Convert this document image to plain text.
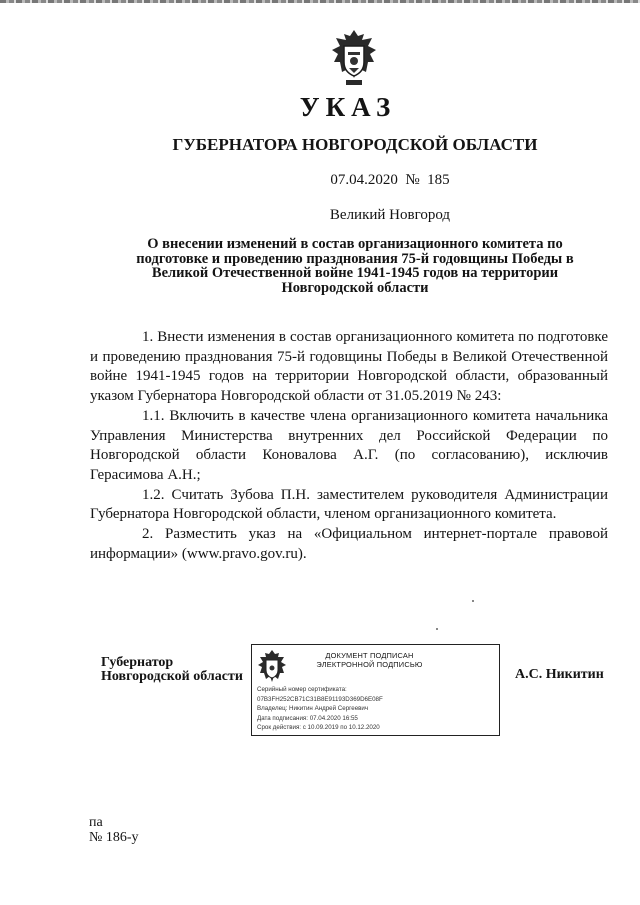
УКАЗ
ГУБЕРНАТОРА НОВГОРОДСКОЙ ОБЛАСТИ
07.04.2020 № 185
Великий Новгород
О внесении изменений в состав организационного комитета по подготовке и проведению празднования 75-й годовщины Победы в Великой Отечественной войне 1941-1945 годов на территории Новгородской области

1. Внести изменения в состав организационного комитета по подготовке и проведению празднования 75-й годовщины Победы в Великой Отечественной войне 1941-1945 годов на территории Новгородской области, образованный указом Губернатора Новгородской области от 31.05.2019 № 243:

1.1. Включить в качестве члена организационного комитета начальника Управления Министерства внутренних дел Российской Федерации по Новгородской области Коновалова А.Г. (по согласованию), исключив Герасимова А.Н.;

1.2. Считать Зубова П.Н. заместителем руководителя Администрации Губернатора Новгородской области, членом организационного комитета.

2. Разместить указ на «Официальном интернет-портале правовой информации» (www.pravo.gov.ru).

Губернатор
Новгородской области
ДОКУМЕНТ ПОДПИСАН
ЭЛЕКТРОННОЙ ПОДПИСЬЮ
Серийный номер сертификата:
07B3FH252CB71C31B8E91193D369D6E08F
Владелец: Никитин Андрей Сергеевич
Дата подписания: 07.04.2020 16:55
Срок действия: с 10.09.2019 по 10.12.2020
А.С. Никитин
па
№ 186-у
